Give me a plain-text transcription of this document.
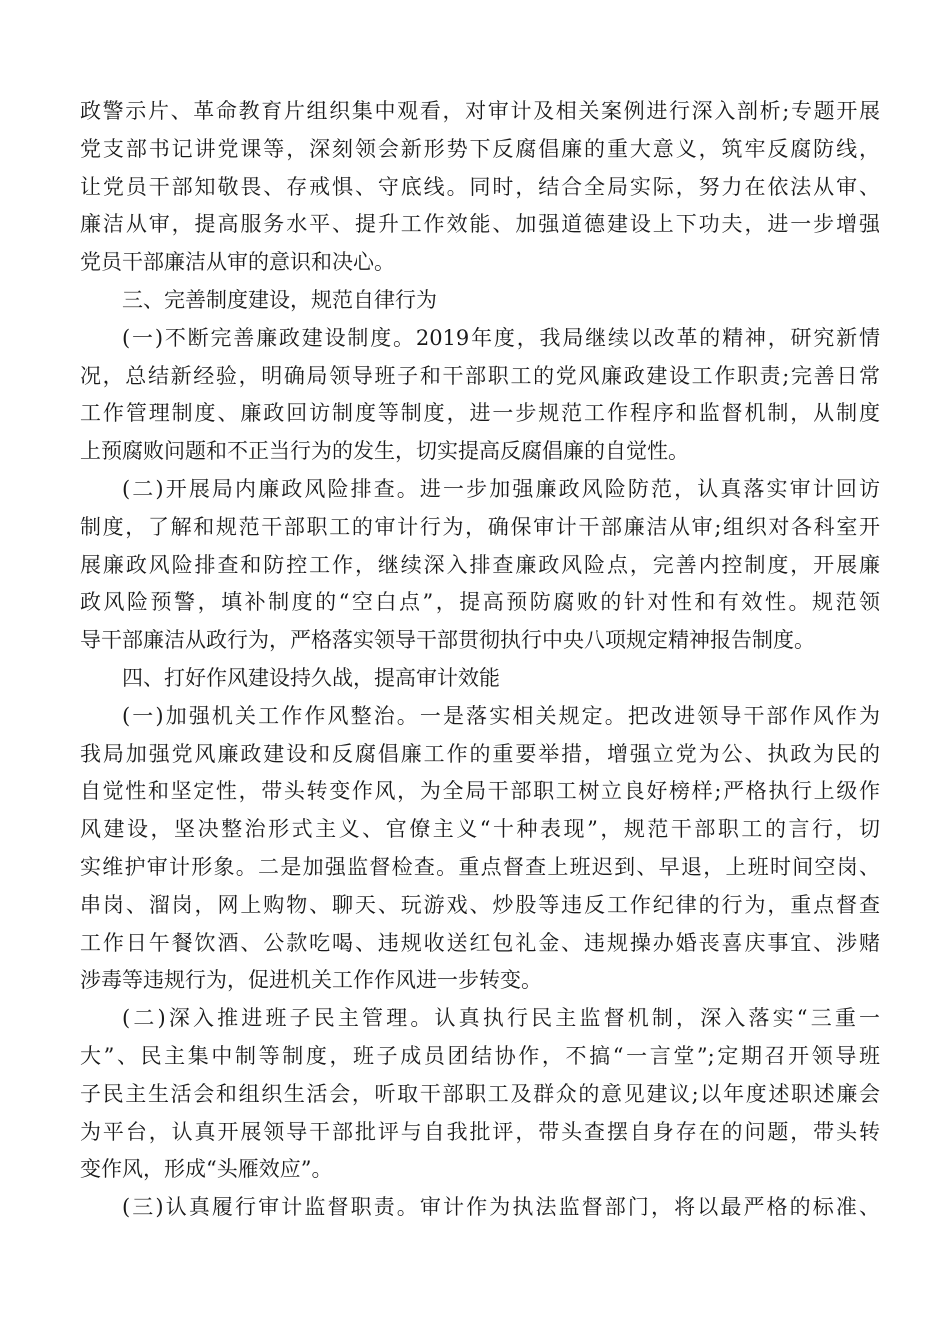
政警示片、革命教育片组织集中观看，对审计及相关案例进行深入剖析;专题开展
党支部书记讲党课等，深刻领会新形势下反腐倡廉的重大意义，筑牢反腐防线，
让党员干部知敬畏、存戒惧、守底线。同时，结合全局实际，努力在依法从审、
廉洁从审，提高服务水平、提升工作效能、加强道德建设上下功夫，进一步增强
党员干部廉洁从审的意识和决心。
三、完善制度建设，规范自律行为
(一)不断完善廉政建设制度。2019年度，我局继续以改革的精神，研究新情
况，总结新经验，明确局领导班子和干部职工的党风廉政建设工作职责;完善日常
工作管理制度、廉政回访制度等制度，进一步规范工作程序和监督机制，从制度
上预腐败问题和不正当行为的发生，切实提高反腐倡廉的自觉性。
(二)开展局内廉政风险排查。进一步加强廉政风险防范，认真落实审计回访
制度，了解和规范干部职工的审计行为，确保审计干部廉洁从审;组织对各科室开
展廉政风险排查和防控工作，继续深入排查廉政风险点，完善内控制度，开展廉
政风险预警，填补制度的“空白点”，提高预防腐败的针对性和有效性。规范领
导干部廉洁从政行为，严格落实领导干部贯彻执行中央八项规定精神报告制度。
四、打好作风建设持久战，提高审计效能
(一)加强机关工作作风整治。一是落实相关规定。把改进领导干部作风作为
我局加强党风廉政建设和反腐倡廉工作的重要举措，增强立党为公、执政为民的
自觉性和坚定性，带头转变作风，为全局干部职工树立良好榜样;严格执行上级作
风建设，坚决整治形式主义、官僚主义“十种表现”，规范干部职工的言行，切
实维护审计形象。二是加强监督检查。重点督查上班迟到、早退，上班时间空岗、
串岗、溜岗，网上购物、聊天、玩游戏、炒股等违反工作纪律的行为，重点督查
工作日午餐饮酒、公款吃喝、违规收送红包礼金、违规操办婚丧喜庆事宜、涉赌
涉毒等违规行为，促进机关工作作风进一步转变。
(二)深入推进班子民主管理。认真执行民主监督机制，深入落实“三重一
大”、民主集中制等制度，班子成员团结协作，不搞“一言堂”;定期召开领导班
子民主生活会和组织生活会，听取干部职工及群众的意见建议;以年度述职述廉会
为平台，认真开展领导干部批评与自我批评，带头查摆自身存在的问题，带头转
变作风，形成“头雁效应”。
(三)认真履行审计监督职责。审计作为执法监督部门，将以最严格的标准、
